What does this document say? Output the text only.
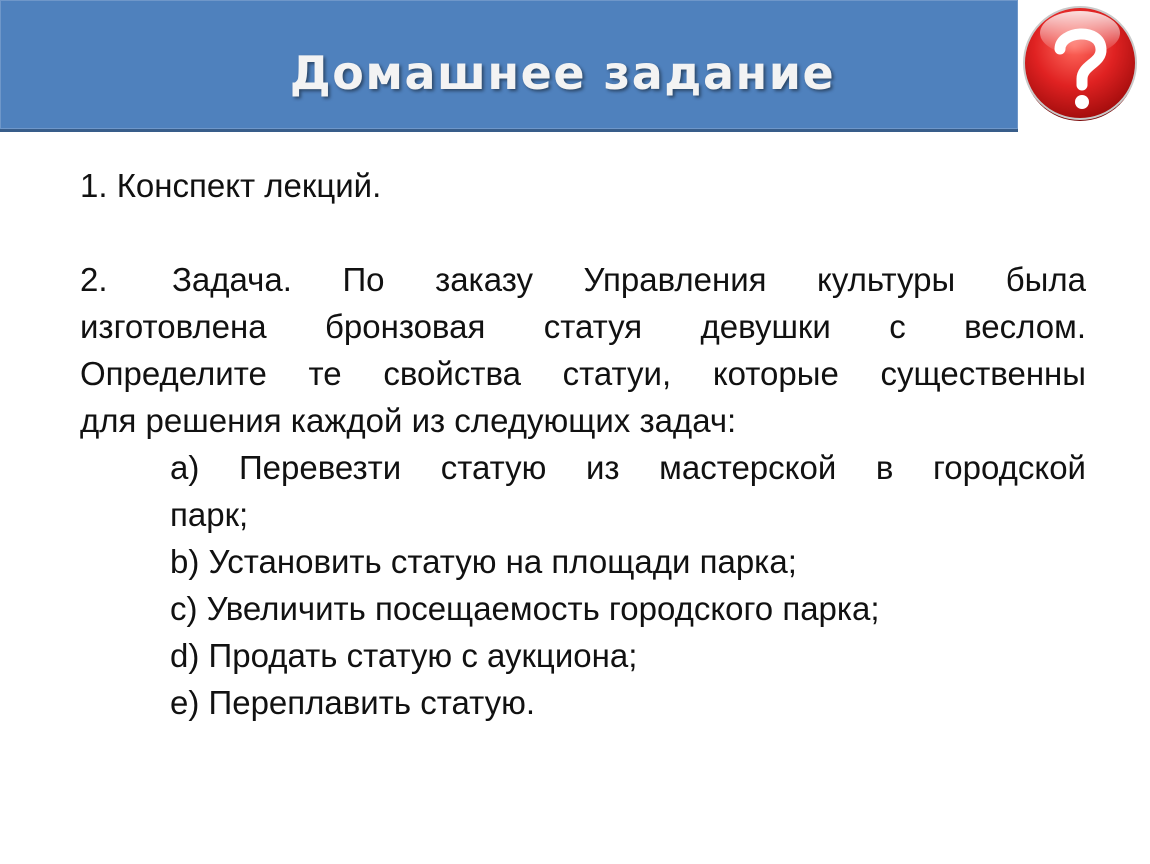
Домашнее задание

1. Конспект лекций.

2. Задача. По заказу Управления культуры была

изготовлена бронзовая статуя девушки с веслом.

Определите те свойства статуи, которые существенны

для решения каждой из следующих задач:

a) Перевезти статую из мастерской в городской

парк;

b) Установить статую на площади парка;

c) Увеличить посещаемость городского парка;

d) Продать статую с аукциона;

e) Переплавить статую.
